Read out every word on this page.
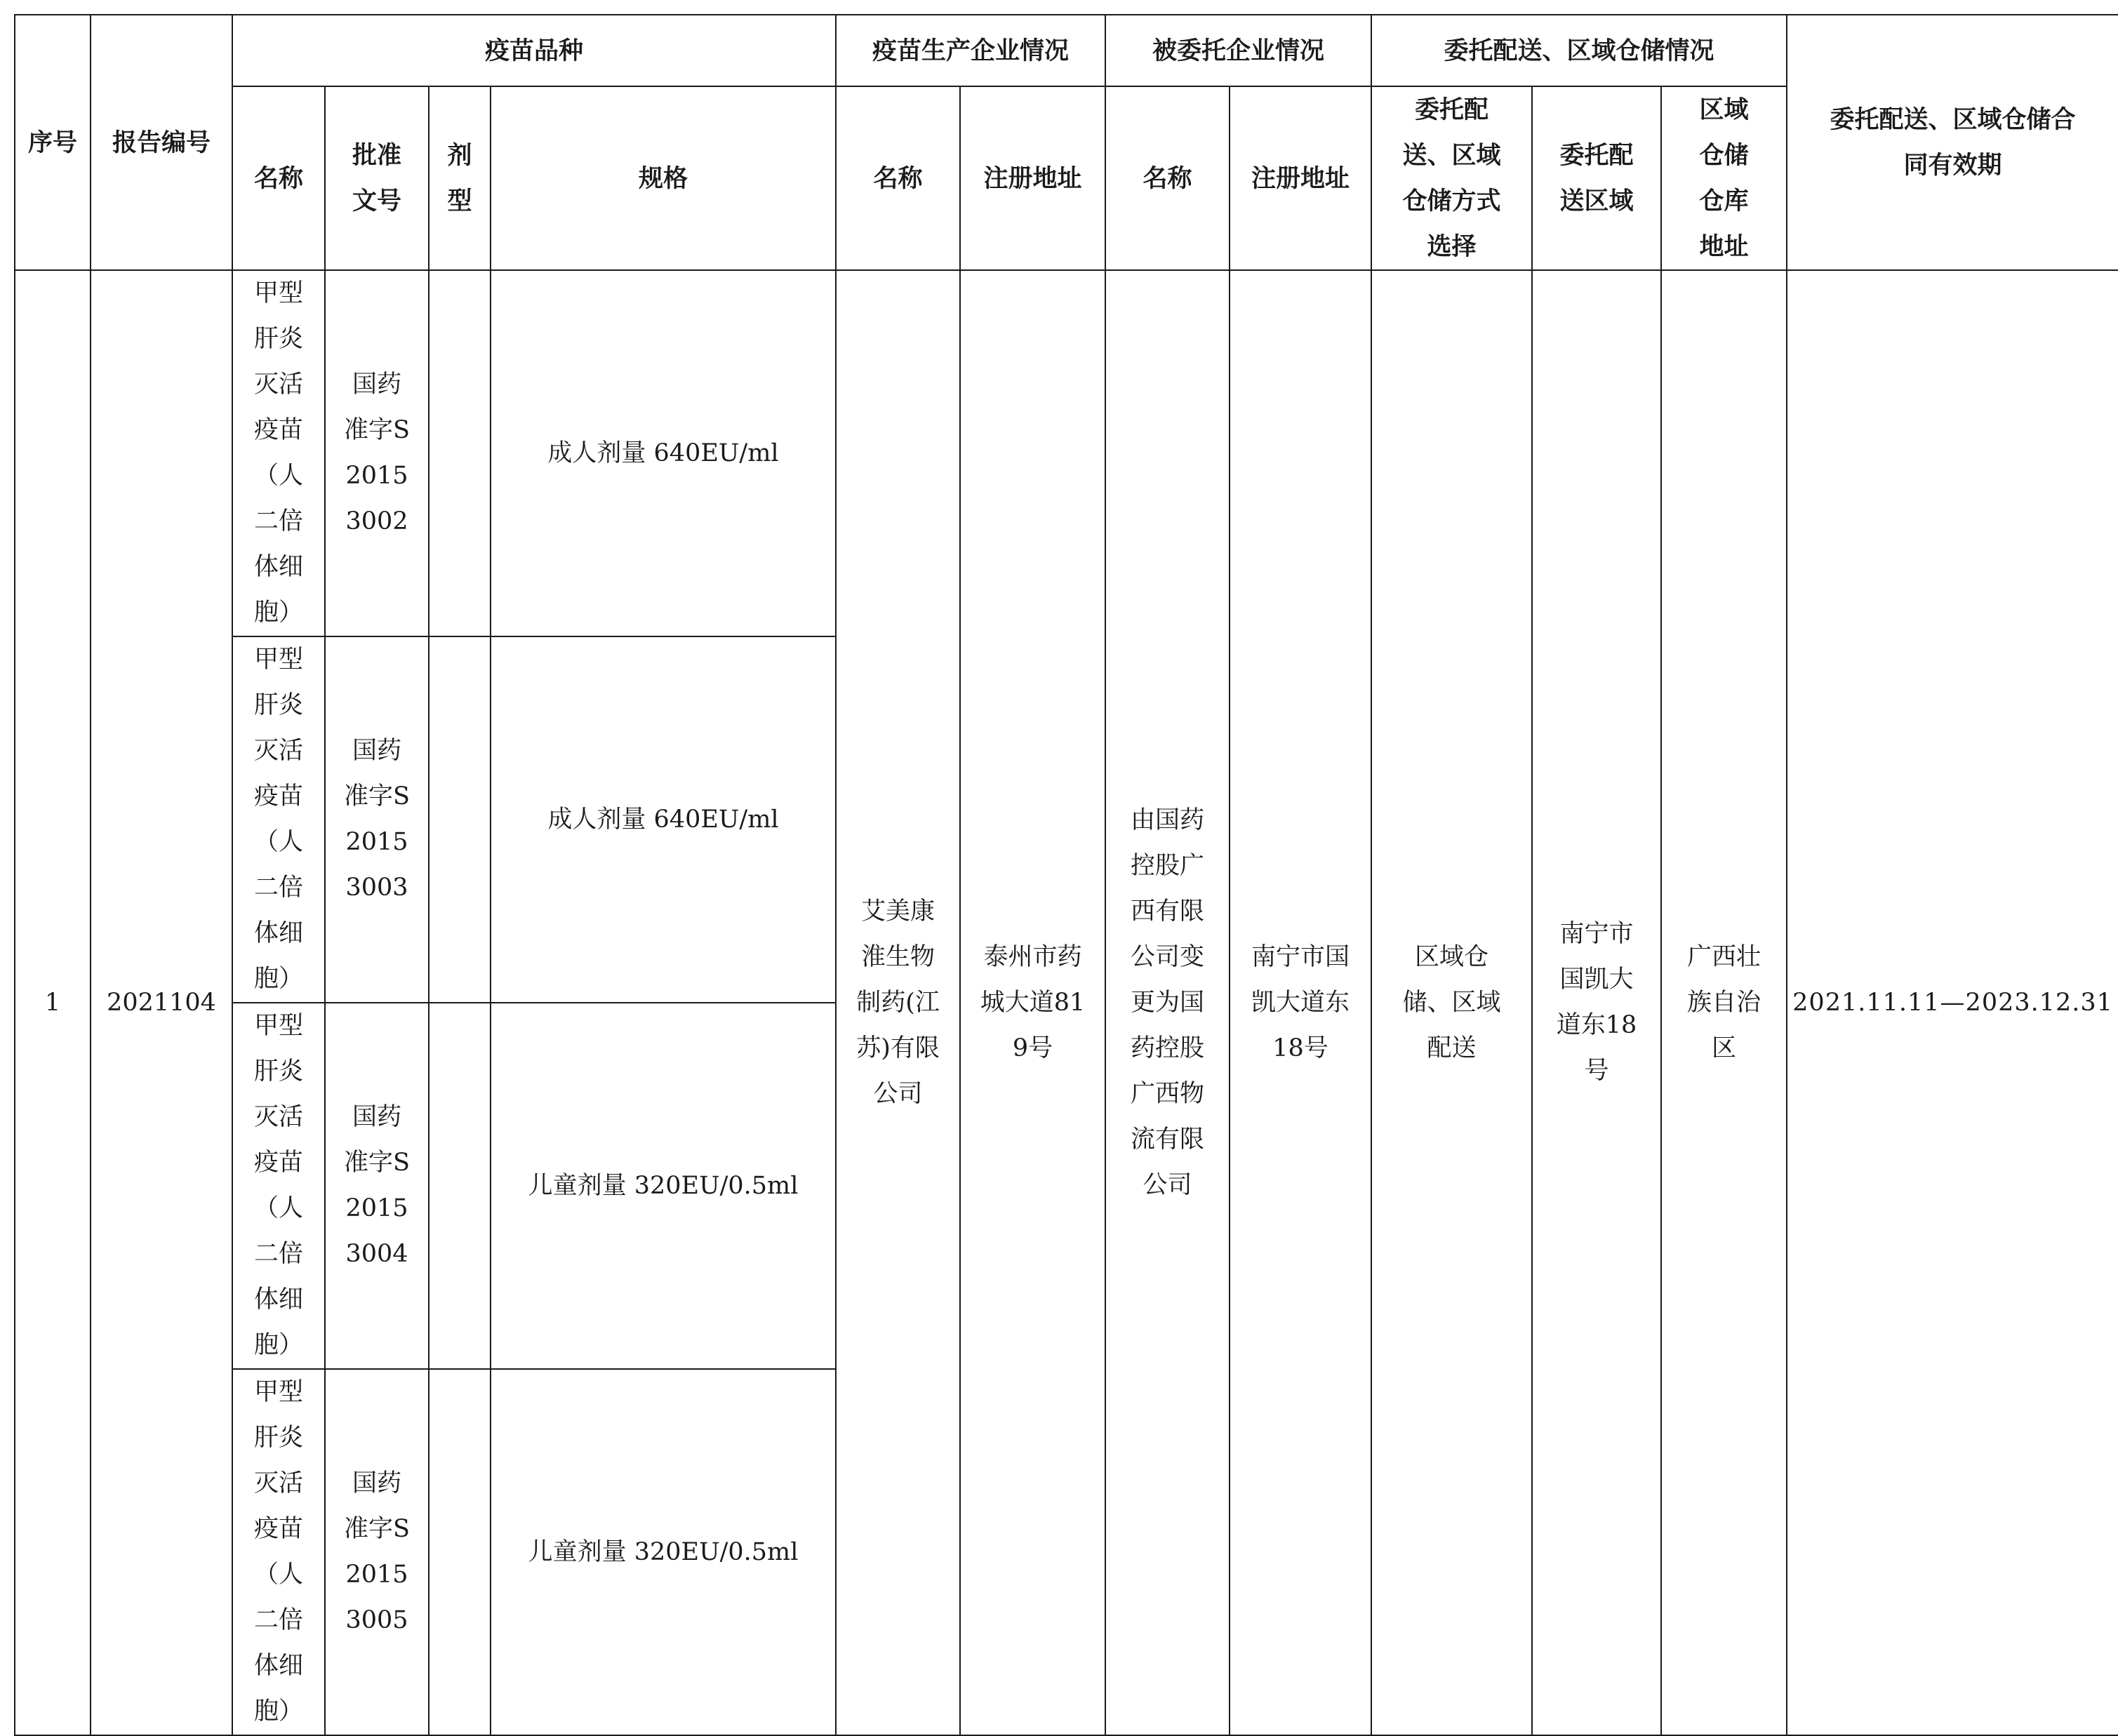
序号	报告编号	疫苗品种				疫苗生产企业情况		被委托企业情况		委托配送、区域仓储情况			委托配送、区域仓储合同有效期
		名称	批准文号	剂型	规格	名称	注册地址	名称	注册地址	委托配送、区域仓储方式选择	委托配送区域	区域仓储仓库地址	
1	2021104	甲型肝炎灭活疫苗（人二倍体细胞）	国药准字S20153002		成人剂量 640EU/ml	艾美康淮生物制药(江苏)有限公司	泰州市药城大道819号	由国药控股广西有限公司变更为国药控股广西物流有限公司	南宁市国凯大道东18号	区域仓储、区域配送	南宁市国凯大道东18号	广西壮族自治区	2021.11.11—2023.12.31
		甲型肝炎灭活疫苗（人二倍体细胞）	国药准字S20153003		成人剂量 640EU/ml								
		甲型肝炎灭活疫苗（人二倍体细胞）	国药准字S20153004		儿童剂量 320EU/0.5ml								
		甲型肝炎灭活疫苗（人二倍体细胞）	国药准字S20153005		儿童剂量 320EU/0.5ml								
